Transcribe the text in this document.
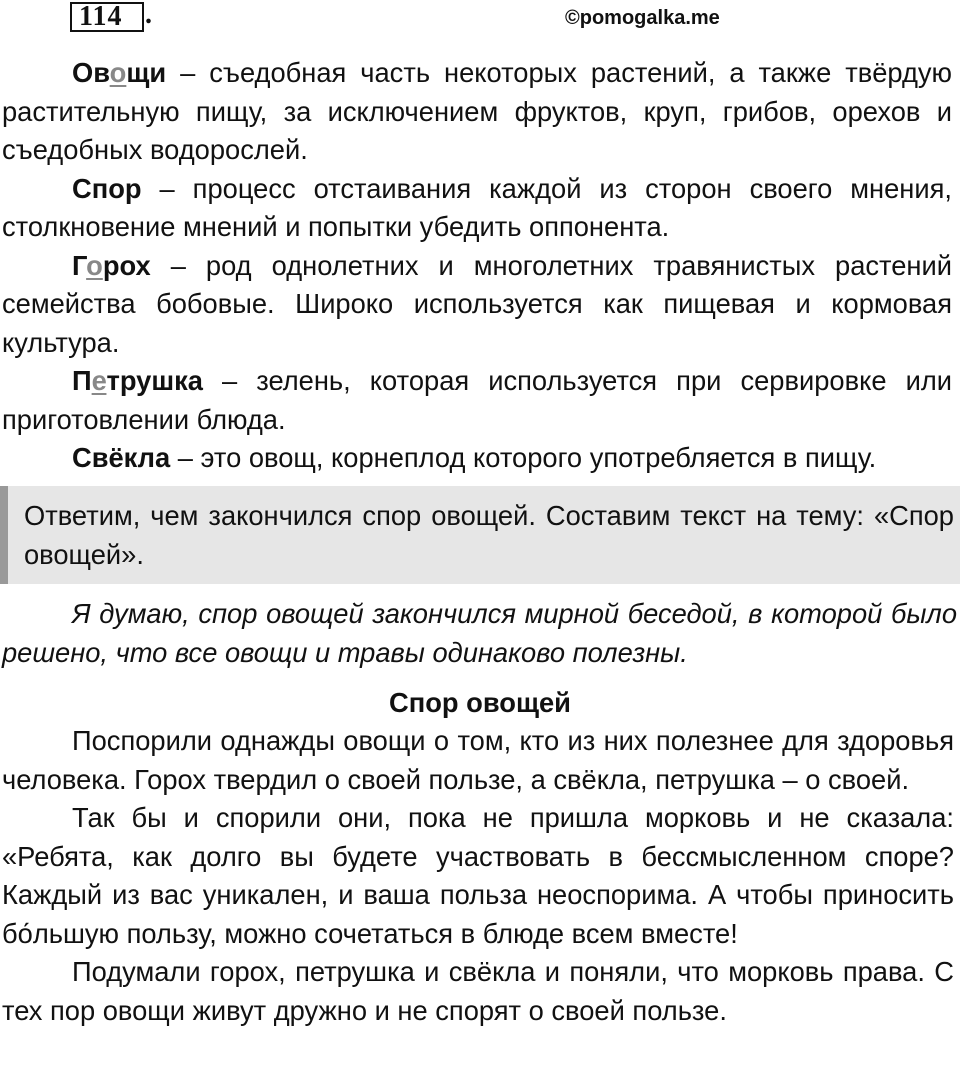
114 .	©pomogalka.me

Овощи – съедобная часть некоторых растений, а также твёрдую растительную пищу, за исключением фруктов, круп, грибов, орехов и съедобных водорослей.

Спор – процесс отстаивания каждой из сторон своего мнения, столкновение мнений и попытки убедить оппонента.

Горох – род однолетних и многолетних травянистых растений семейства бобовые. Широко используется как пищевая и кормовая культура.

Петрушка – зелень, которая используется при сервировке или приготовлении блюда.

Свёкла – это овощ, корнеплод которого употребляется в пищу.

Ответим, чем закончился спор овощей. Составим текст на тему: «Спор овощей».

Я думаю, спор овощей закончился мирной беседой, в которой было решено, что все овощи и травы одинаково полезны.

Спор овощей

Поспорили однажды овощи о том, кто из них полезнее для здоровья человека. Горох твердил о своей пользе, а свёкла, петрушка – о своей.

Так бы и спорили они, пока не пришла морковь и не сказала: «Ребята, как долго вы будете участвовать в бессмысленном споре? Каждый из вас уникален, и ваша польза неоспорима. А чтобы приносить бо́льшую пользу, можно сочетаться в блюде всем вместе!

Подумали горох, петрушка и свёкла и поняли, что морковь права. С тех пор овощи живут дружно и не спорят о своей пользе.
